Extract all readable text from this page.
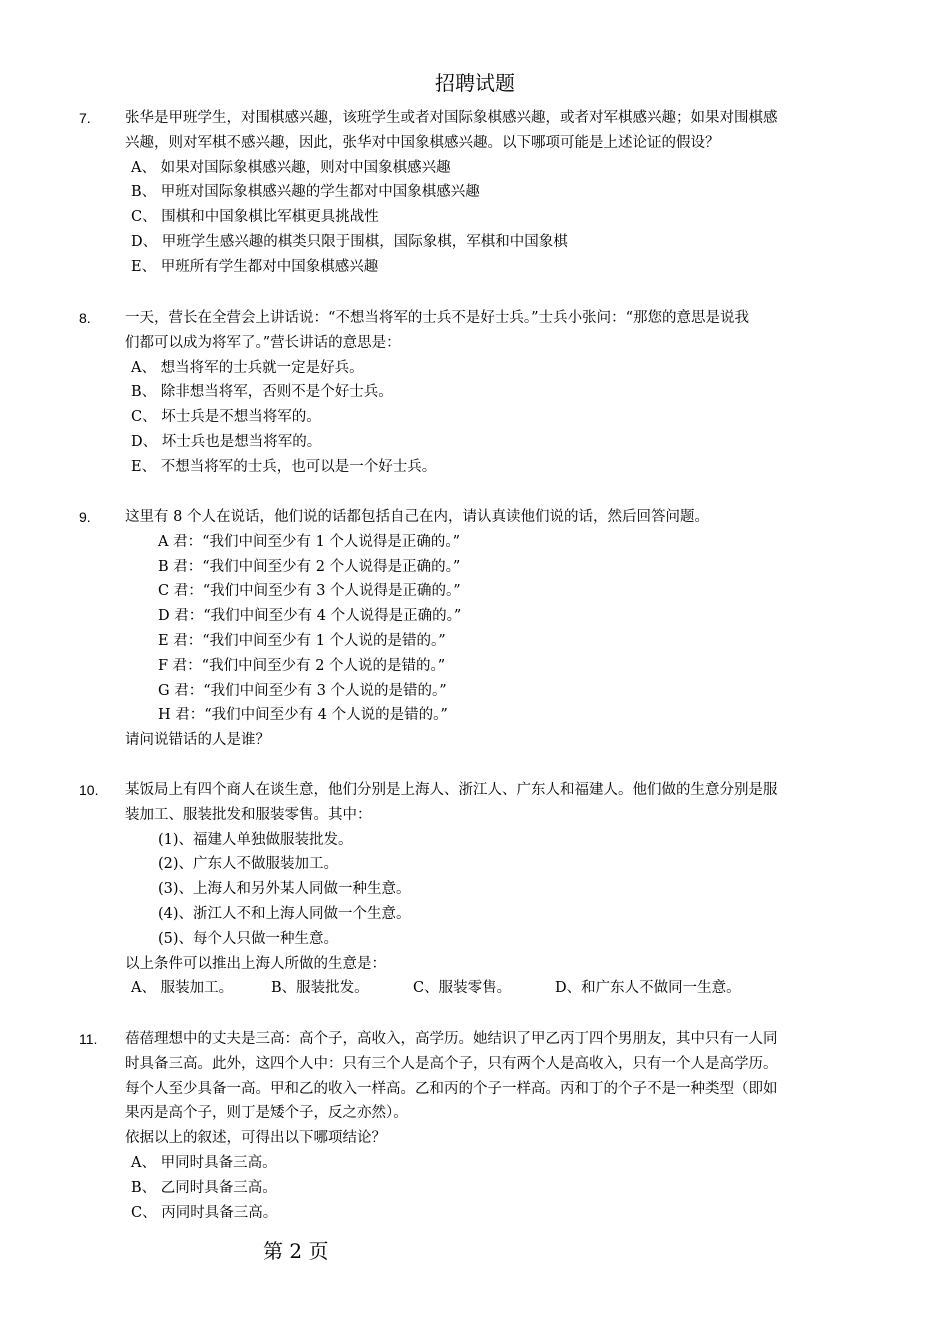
招聘试题
7. 张华是甲班学生，对围棋感兴趣，该班学生或者对国际象棋感兴趣，或者对军棋感兴趣；如果对围棋感
兴趣，则对军棋不感兴趣，因此，张华对中国象棋感兴趣。以下哪项可能是上述论证的假设？
A、 如果对国际象棋感兴趣，则对中国象棋感兴趣
B、 甲班对国际象棋感兴趣的学生都对中国象棋感兴趣
C、 围棋和中国象棋比军棋更具挑战性
D、 甲班学生感兴趣的棋类只限于围棋，国际象棋，军棋和中国象棋
E、 甲班所有学生都对中国象棋感兴趣
8. 一天，营长在全营会上讲话说：“不想当将军的士兵不是好士兵。”士兵小张问：“那您的意思是说我
们都可以成为将军了。”营长讲话的意思是：
A、 想当将军的士兵就一定是好兵。
B、 除非想当将军，否则不是个好士兵。
C、 坏士兵是不想当将军的。
D、 坏士兵也是想当将军的。
E、 不想当将军的士兵，也可以是一个好士兵。
9. 这里有 8 个人在说话，他们说的话都包括自己在内，请认真读他们说的话，然后回答问题。
A 君：“我们中间至少有 1 个人说得是正确的。”
B 君：“我们中间至少有 2 个人说得是正确的。”
C 君：“我们中间至少有 3 个人说得是正确的。”
D 君：“我们中间至少有 4 个人说得是正确的。”
E 君：“我们中间至少有 1 个人说的是错的。”
F 君：“我们中间至少有 2 个人说的是错的。”
G 君：“我们中间至少有 3 个人说的是错的。”
H 君：“我们中间至少有 4 个人说的是错的。”
请问说错话的人是谁？
10. 某饭局上有四个商人在谈生意，他们分别是上海人、浙江人、广东人和福建人。他们做的生意分别是服
装加工、服装批发和服装零售。其中：
(1)、福建人单独做服装批发。
(2)、广东人不做服装加工。
(3)、上海人和另外某人同做一种生意。
(4)、浙江人不和上海人同做一个生意。
(5)、每个人只做一种生意。
以上条件可以推出上海人所做的生意是：
A、 服装加工。	B、服装批发。	C、服装零售。	D、和广东人不做同一生意。
11. 蓓蓓理想中的丈夫是三高：高个子，高收入，高学历。她结识了甲乙丙丁四个男朋友，其中只有一人同
时具备三高。此外，这四个人中：只有三个人是高个子，只有两个人是高收入，只有一个人是高学历。
每个人至少具备一高。甲和乙的收入一样高。乙和丙的个子一样高。丙和丁的个子不是一种类型（即如
果丙是高个子，则丁是矮个子，反之亦然）。
依据以上的叙述，可得出以下哪项结论？
A、 甲同时具备三高。
B、 乙同时具备三高。
C、 丙同时具备三高。
第 2 页
